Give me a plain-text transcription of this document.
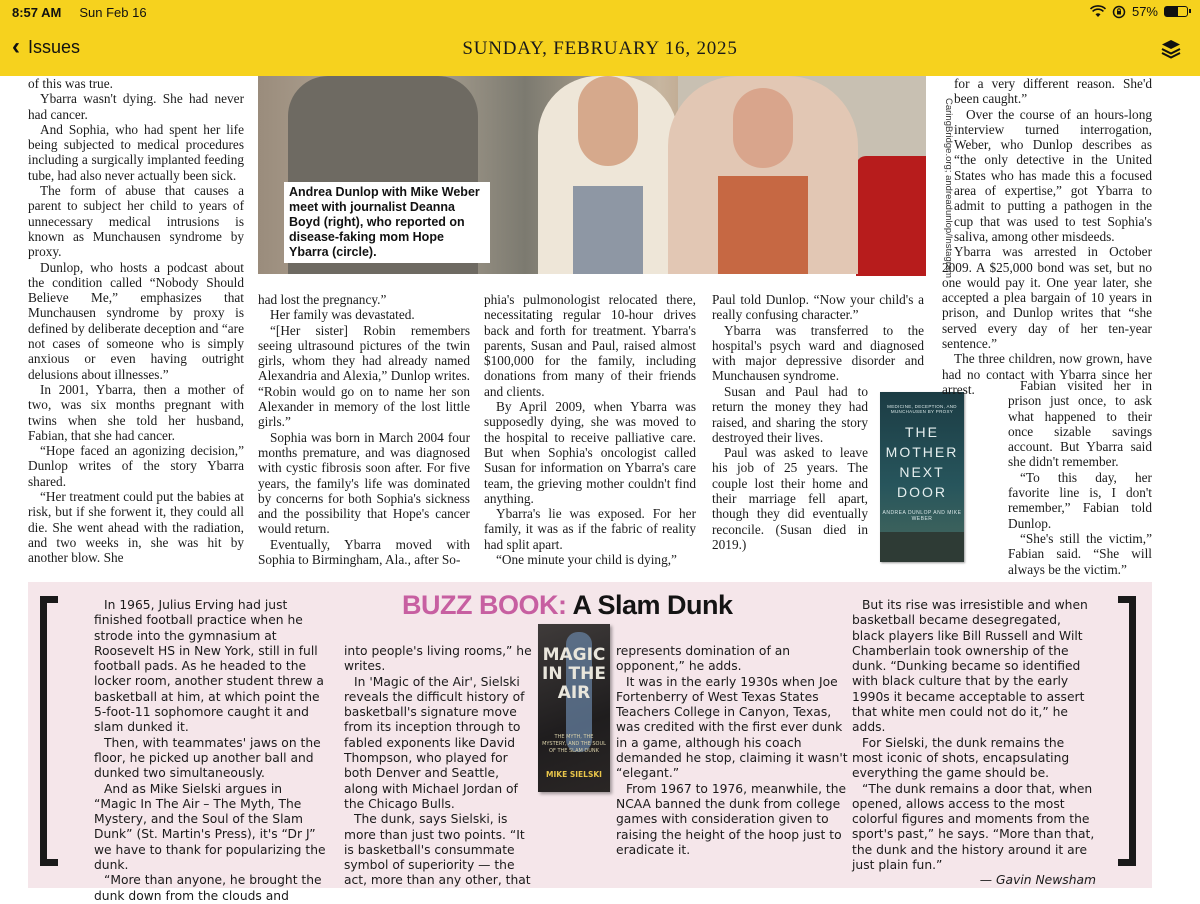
8:57 AM Sun Feb 16	57%
‹ Issues	SUNDAY, FEBRUARY 16, 2025

of this was true.

Ybarra wasn't dying. She had never had cancer.

And Sophia, who had spent her life being subjected to medical procedures including a surgically implanted feeding tube, had also never actually been sick.

The form of abuse that causes a parent to subject her child to years of unnecessary medical intrusions is known as Munchausen syndrome by proxy.

Dunlop, who hosts a podcast about the condition called “Nobody Should Believe Me,” emphasizes that Munchausen syndrome by proxy is defined by deliberate deception and “are not cases of someone who is simply anxious or even having outright delusions about illnesses.”

In 2001, Ybarra, then a mother of two, was six months pregnant with twins when she told her husband, Fabian, that she had cancer.

“Hope faced an agonizing decision,” Dunlop writes of the story Ybarra shared.

“Her treatment could put the babies at risk, but if she forwent it, they could all die. She went ahead with the radiation, and two weeks in, she was hit by another blow. She

Andrea Dunlop with Mike Weber meet with journalist Deanna Boyd (right), who reported on disease-faking mom Hope Ybarra (circle).	CaringBridge.org; andreadunlop/Instagram

had lost the pregnancy.”

Her family was devastated.

“[Her sister] Robin remembers seeing ultrasound pictures of the twin girls, whom they had already named Alexandria and Alexia,” Dunlop writes. “Robin would go on to name her son Alexander in memory of the lost little girls.”

Sophia was born in March 2004 four months premature, and was diagnosed with cystic fibrosis soon after. For five years, the family's life was dominated by concerns for both Sophia's sickness and the possibility that Hope's cancer would return.

Eventually, Ybarra moved with Sophia to Birmingham, Ala., after So-

phia's pulmonologist relocated there, necessitating regular 10-hour drives back and forth for treatment. Ybarra's parents, Susan and Paul, raised almost $100,000 for the family, including donations from many of their friends and clients.

By April 2009, when Ybarra was supposedly dying, she was moved to the hospital to receive palliative care. But when Sophia's oncologist called Susan for information on Ybarra's care team, the grieving mother couldn't find anything.

Ybarra's lie was exposed. For her family, it was as if the fabric of reality had split apart.

“One minute your child is dying,”

Paul told Dunlop. “Now your child's a really confusing character.”

Ybarra was transferred to the hospital's psych ward and diagnosed with major depressive disorder and Munchausen syndrome.

Susan and Paul had to return the money they had raised, and sharing the story destroyed their lives.

Paul was asked to leave his job of 25 years. The couple lost their home and their marriage fell apart, though they did eventually reconcile. (Susan died in 2019.)

MEDICINE, DECEPTION, AND MUNCHAUSEN BY PROXY
THE
MOTHER
NEXT
DOOR
ANDREA DUNLOP AND MIKE WEBER

for a very different reason. She'd been caught.”

Over the course of an hours-long interview turned interrogation, Weber, who Dunlop describes as “the only detective in the United States who has made this a focused area of expertise,” got Ybarra to admit to putting a pathogen in the cup that was used to test Sophia's saliva, among other misdeeds.

Ybarra was arrested in October 2009. A $25,000 bond was set, but no one would pay it. One year later, she accepted a plea bargain of 10 years in prison, and Dunlop writes that “she served every day of her ten-year sentence.”

The three children, now grown, have had no contact with Ybarra since her arrest.	Fabian visited her in prison just once, to ask what happened to their once sizable savings account. But Ybarra said she didn't remember.

“To this day, her favorite line is, I don't remember,” Fabian told Dunlop.

“She's still the victim,” Fabian said. “She will always be the victim.”

BUZZ BOOK: A Slam Dunk

In 1965, Julius Erving had just finished football practice when he strode into the gymnasium at Roosevelt HS in New York, still in full football pads. As he headed to the locker room, another student threw a basketball at him, at which point the 5-foot-11 sophomore caught it and slam dunked it.

Then, with teammates' jaws on the floor, he picked up another ball and dunked two simultaneously.

And as Mike Sielski argues in “Magic In The Air – The Myth, The Mystery, and the Soul of the Slam Dunk” (St. Martin's Press), it's “Dr J” we have to thank for popularizing the dunk.

“More than anyone, he brought the dunk down from the clouds and

into people's living rooms,” he writes.

In 'Magic of the Air', Sielski reveals the difficult history of basketball's signature move from its inception through to fabled exponents like David Thompson, who played for both Denver and Seattle, along with Michael Jordan of the Chicago Bulls.

The dunk, says Sielski, is more than just two points. “It is basketball's consummate symbol of superiority — the act, more than any other, that

MAGIC
IN THE
AIR
THE MYTH, THE MYSTERY, AND THE SOUL OF THE SLAM DUNK
MIKE SIELSKI

represents domination of an opponent,” he adds.

It was in the early 1930s when Joe Fortenberry of West Texas States Teachers College in Canyon, Texas, was credited with the first ever dunk in a game, although his coach demanded he stop, claiming it wasn't “elegant.”

From 1967 to 1976, meanwhile, the NCAA banned the dunk from college games with consideration given to raising the height of the hoop just to eradicate it.

But its rise was irresistible and when basketball became desegregated, black players like Bill Russell and Wilt Chamberlain took ownership of the dunk. “Dunking became so identified with black culture that by the early 1990s it became acceptable to assert that white men could not do it,” he adds.

For Sielski, the dunk remains the most iconic of shots, encapsulating everything the game should be.

“The dunk remains a door that, when opened, allows access to the most colorful figures and moments from the sport's past,” he says. “More than that, the dunk and the history around it are just plain fun.”

— Gavin Newsham
